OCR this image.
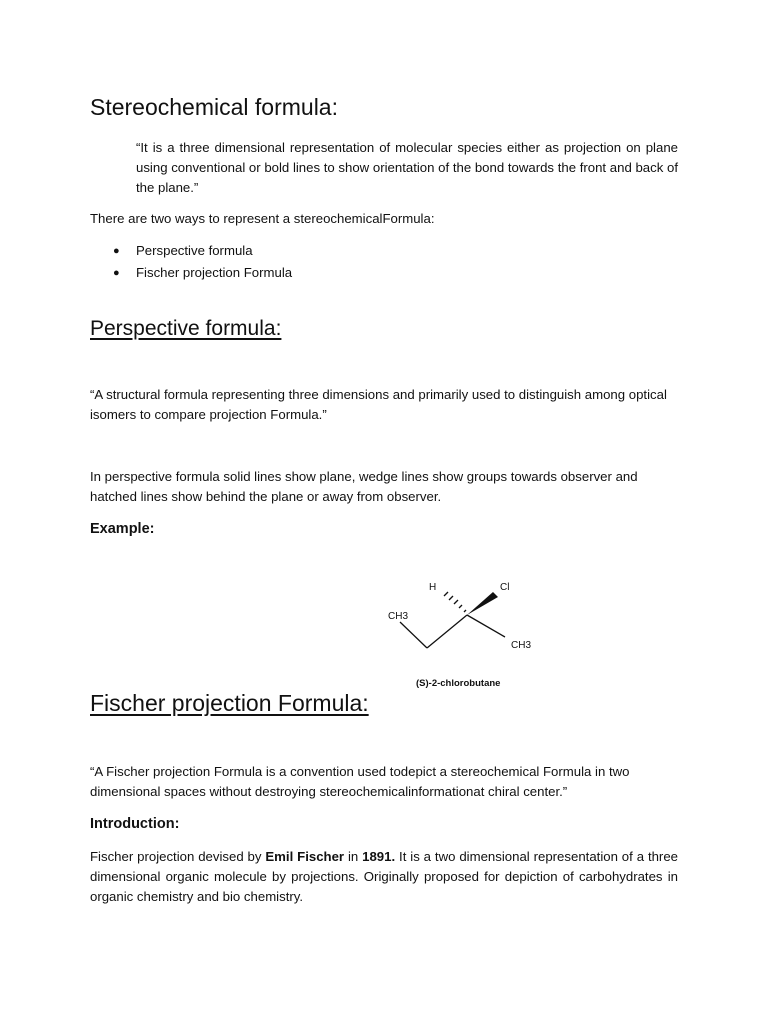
Stereochemical formula:

“It is a three dimensional representation of molecular species either as projection on plane using conventional or bold lines to show orientation of the bond towards the front and back of the plane.”

There are two ways to represent a stereochemicalFormula:

● Perspective formula
● Fischer projection Formula
Perspective formula:

“A structural formula representing three dimensions and primarily used to distinguish among optical isomers to compare projection Formula.”

In perspective formula solid lines show plane, wedge lines show groups towards observer and hatched lines show behind the plane or away from observer.

Example:
H	Cl
CH3
CH3
(S)-2-chlorobutane
Fischer projection Formula:

“A Fischer projection Formula is a convention used todepict a stereochemical Formula in two dimensional spaces without destroying stereochemicalinformationat chiral center.”

Introduction:

Fischer projection devised by Emil Fischer in 1891. It is a two dimensional representation of a three dimensional organic molecule by projections. Originally proposed for depiction of carbohydrates in organic chemistry and bio chemistry.
